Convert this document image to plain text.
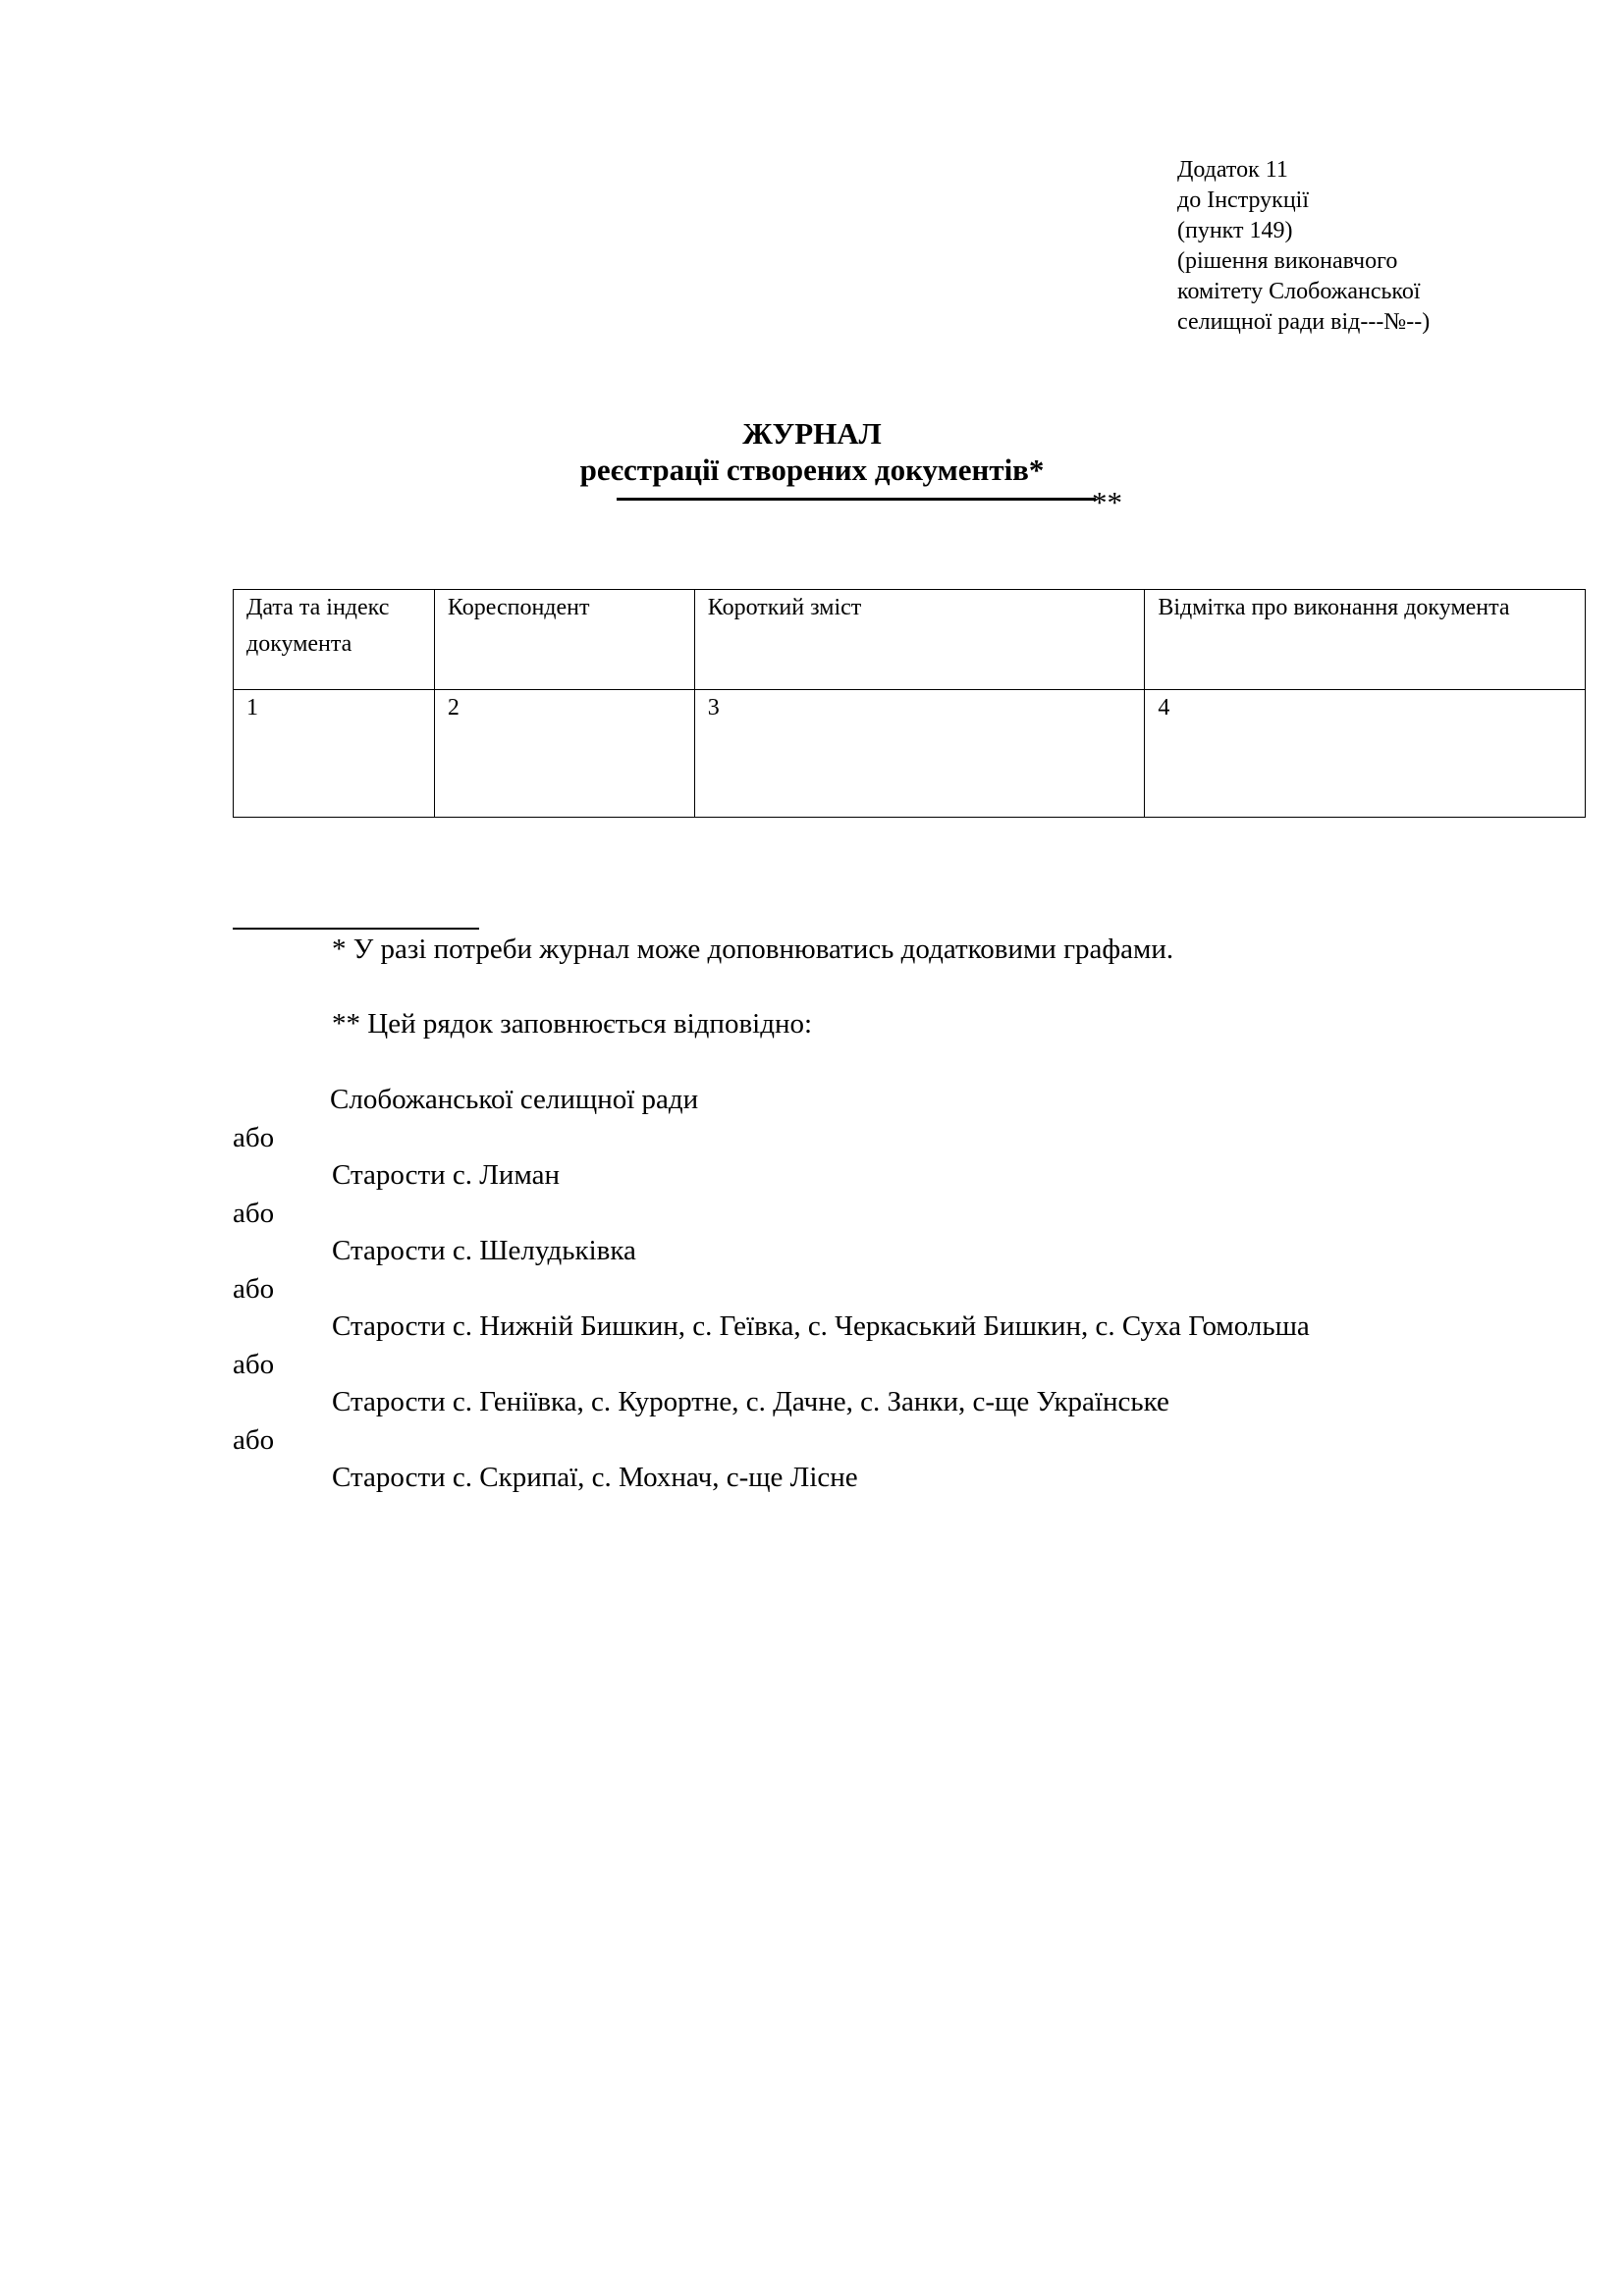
Додаток 11
до Інструкції
(пункт 149)
(рішення виконавчого
комітету Слобожанської
селищної ради від---№--)
ЖУРНАЛ
реєстрації створених документів*
**
Дата та індекс документа	Кореспондент	Короткий зміст	Відмітка про виконання документа
1	2	3	4
* У разі потреби журнал може доповнюватись додатковими графами.
** Цей рядок заповнюється відповідно:
Слобожанської селищної ради
або
Старости с. Лиман
або
Старости с. Шелудьківка
або
Старости с. Нижній Бишкин, с. Геївка, с. Черкаський Бишкин, с. Суха Гомольша
або
Старости с. Геніївка, с. Курортне, с. Дачне, с. Занки, с-ще Українське
або
Старости с. Скрипаї, с. Мохнач, с-ще Лісне
